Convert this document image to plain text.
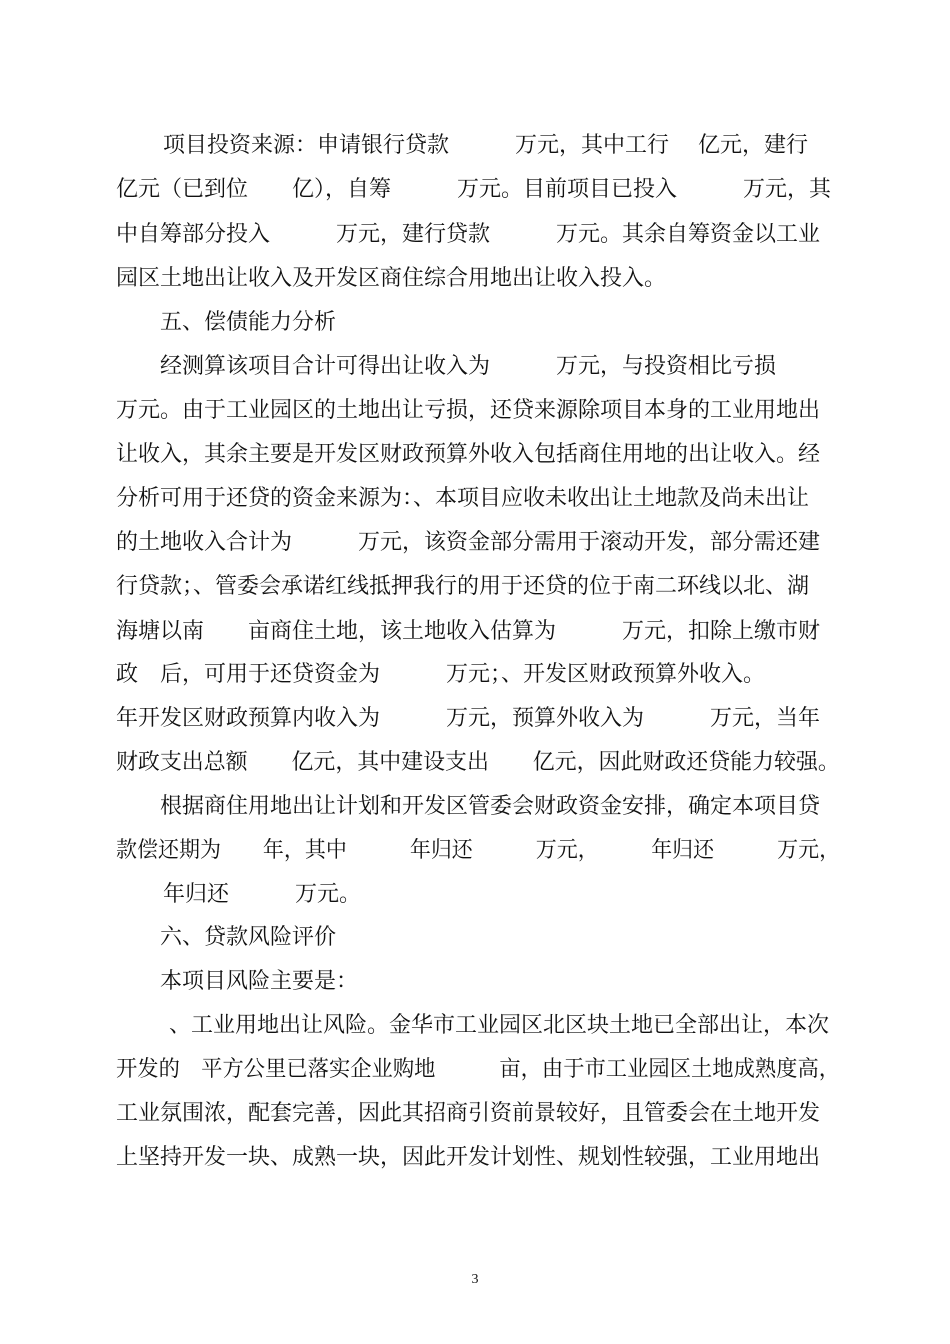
项目投资来源：申请银行贷款　　　万元，其中工行　 亿元，建行
亿元（已到位　　亿），自筹　　　万元。目前项目已投入　　　万元，其
中自筹部分投入　　　万元，建行贷款　　　万元。其余自筹资金以工业
园区土地出让收入及开发区商住综合用地出让收入投入。
五、偿债能力分析
经测算该项目合计可得出让收入为　　　万元，与投资相比亏损
万元。由于工业园区的土地出让亏损，还贷来源除项目本身的工业用地出
让收入，其余主要是开发区财政预算外收入包括商住用地的出让收入。经
分析可用于还贷的资金来源为：、本项目应收未收出让土地款及尚未出让
的土地收入合计为　　　万元，该资金部分需用于滚动开发，部分需还建
行贷款；、管委会承诺红线抵押我行的用于还贷的位于南二环线以北、湖
海塘以南　　亩商住土地，该土地收入估算为　　　万元，扣除上缴市财
政　后，可用于还贷资金为　　　万元；、开发区财政预算外收入。
年开发区财政预算内收入为　　　万元，预算外收入为　　　万元，当年
财政支出总额　　亿元，其中建设支出　　亿元，因此财政还贷能力较强。
根据商住用地出让计划和开发区管委会财政资金安排，确定本项目贷
款偿还期为　　年，其中　　　年归还　　　万元，　　　年归还　　　万元，
年归还　　　万元。
六、贷款风险评价
本项目风险主要是：
、工业用地出让风险。金华市工业园区北区块土地已全部出让，本次
开发的　平方公里已落实企业购地　　　亩，由于市工业园区土地成熟度高，
工业氛围浓，配套完善，因此其招商引资前景较好，且管委会在土地开发
上坚持开发一块、成熟一块，因此开发计划性、规划性较强，工业用地出
3
